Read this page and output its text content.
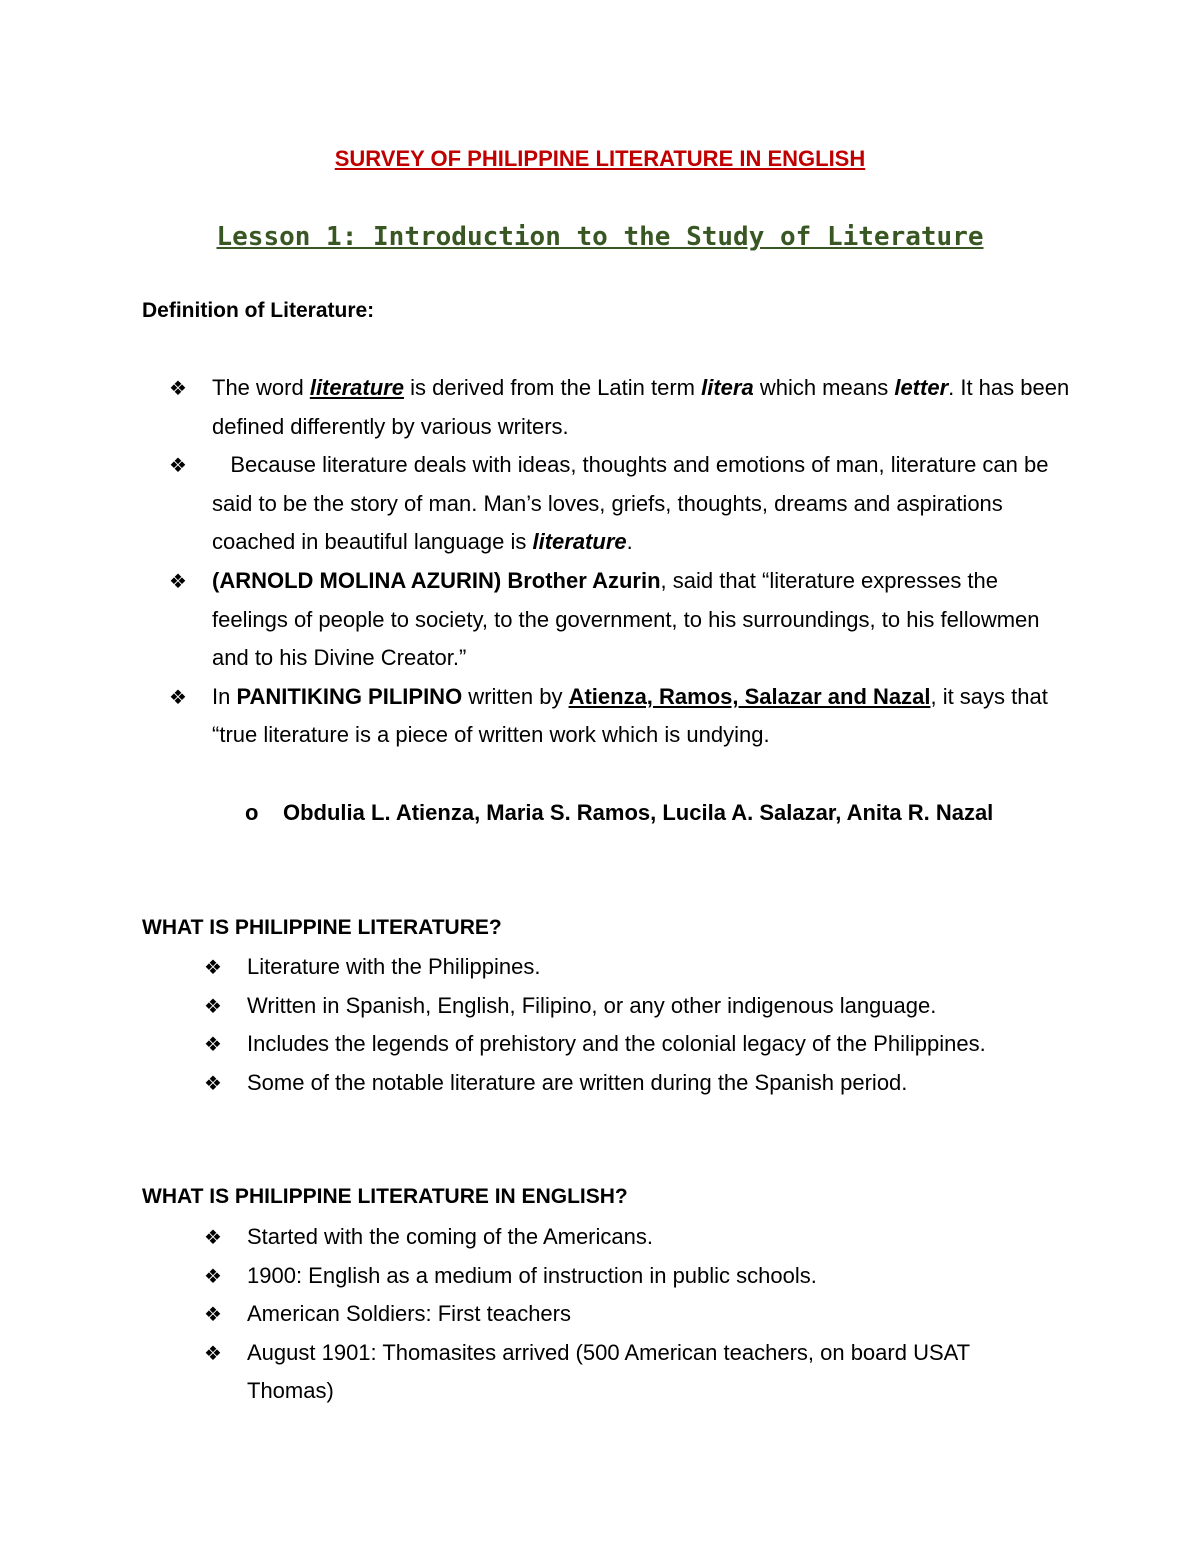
SURVEY OF PHILIPPINE LITERATURE IN ENGLISH
Lesson 1: Introduction to the Study of Literature
Definition of Literature:
❖ The word literature is derived from the Latin term litera which means letter. It has been defined differently by various writers.
❖ Because literature deals with ideas, thoughts and emotions of man, literature can be said to be the story of man. Man’s loves, griefs, thoughts, dreams and aspirations coached in beautiful language is literature.
❖ (ARNOLD MOLINA AZURIN) Brother Azurin, said that “literature expresses the feelings of people to society, to the government, to his surroundings, to his fellowmen and to his Divine Creator.”
❖ In PANITIKING PILIPINO written by Atienza, Ramos, Salazar and Nazal, it says that “true literature is a piece of written work which is undying.
o Obdulia L. Atienza, Maria S. Ramos, Lucila A. Salazar, Anita R. Nazal
WHAT IS PHILIPPINE LITERATURE?
❖ Literature with the Philippines.
❖ Written in Spanish, English, Filipino, or any other indigenous language.
❖ Includes the legends of prehistory and the colonial legacy of the Philippines.
❖ Some of the notable literature are written during the Spanish period.
WHAT IS PHILIPPINE LITERATURE IN ENGLISH?
❖ Started with the coming of the Americans.
❖ 1900: English as a medium of instruction in public schools.
❖ American Soldiers: First teachers
❖ August 1901: Thomasites arrived (500 American teachers, on board USAT Thomas)
